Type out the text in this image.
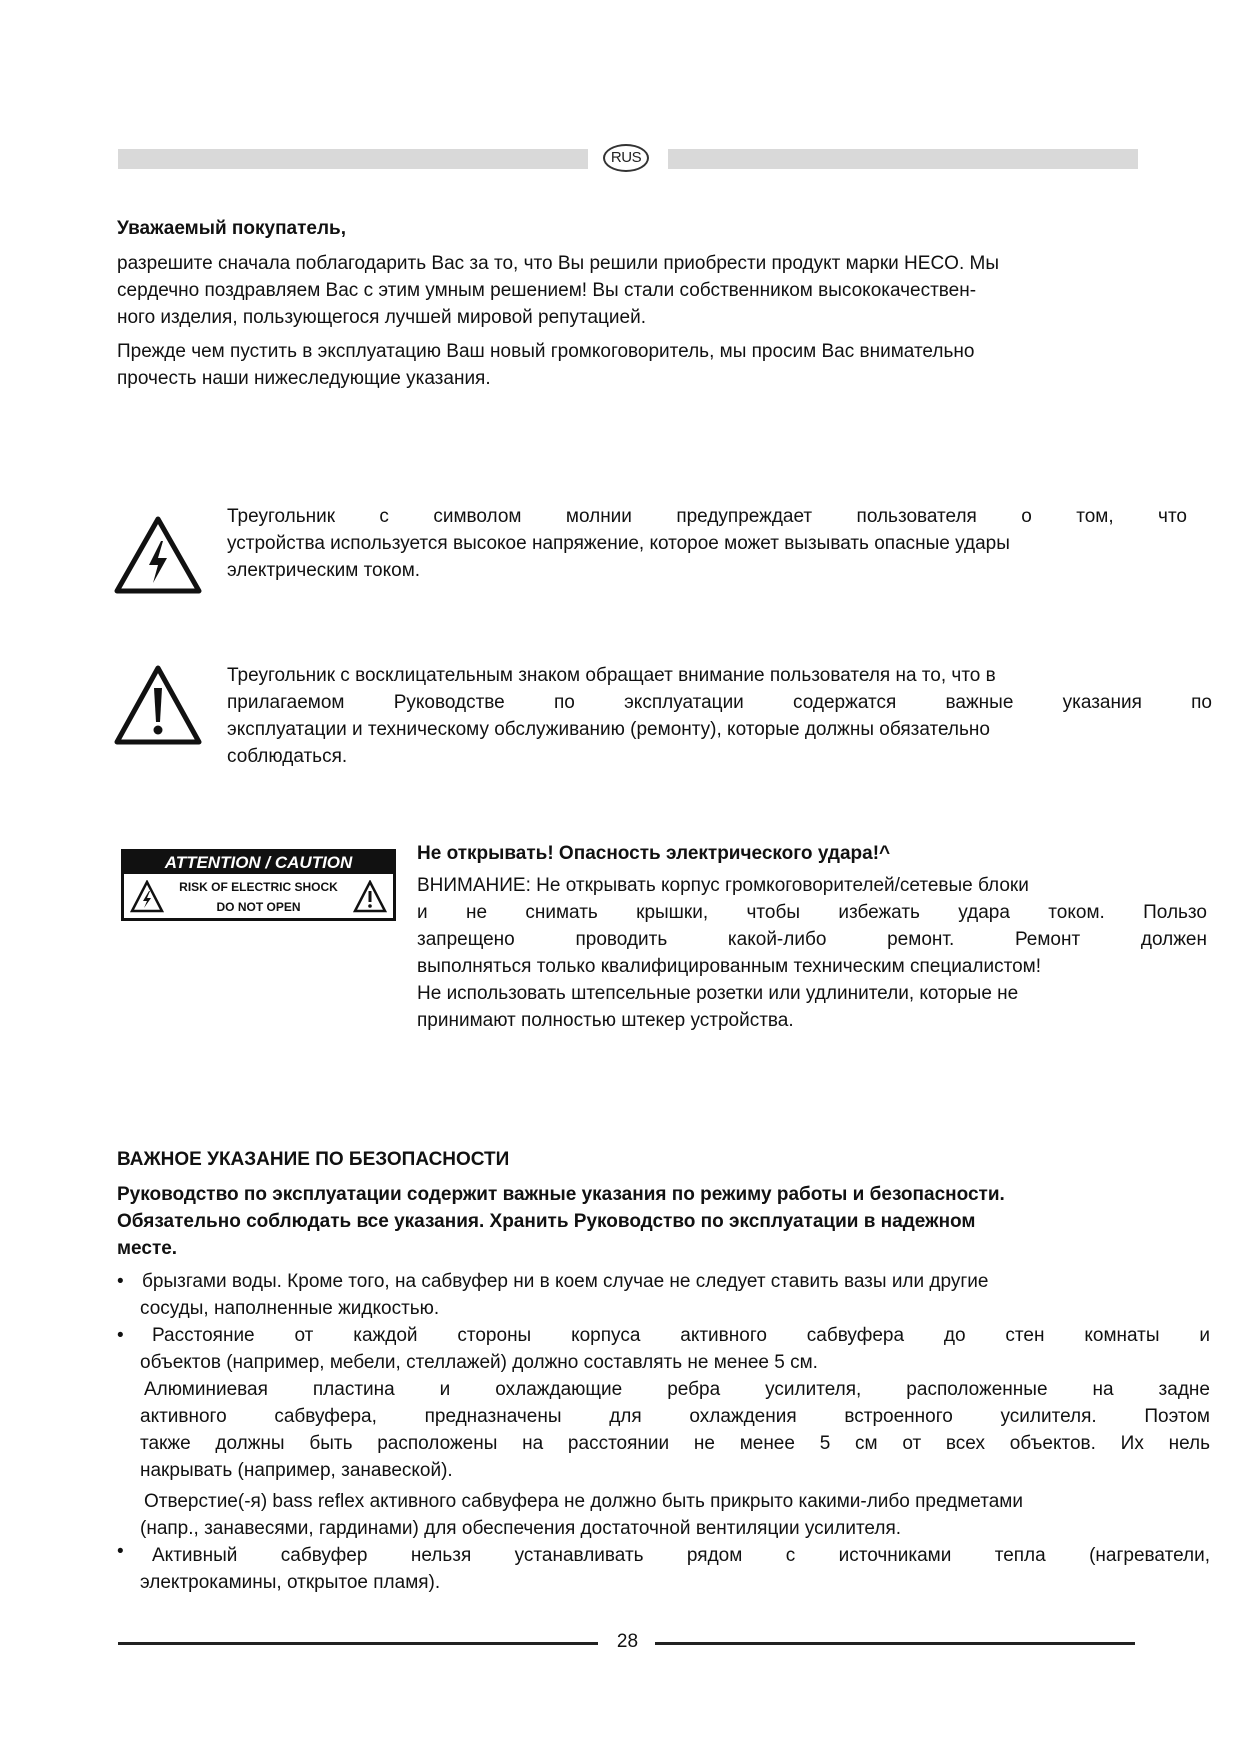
RUS
Уважаемый покупатель,

разрешите сначала поблагодарить Вас за то, что Вы решили приобрести продукт марки HECO. Мы
сердечно поздравляем Вас с этим умным решением! Вы стали собственником высококачествен-
ного изделия, пользующегося лучшей мировой репутацией.

Прежде чем пустить в эксплуатацию Ваш новый громкоговоритель, мы просим Вас внимательно
прочесть наши нижеследующие указания.

Треугольник с символом молнии предупреждает пользователя о том, что
устройства используется высокое напряжение, которое может вызывать опасные удары
электрическим током.

Треугольник с восклицательным знаком обращает внимание пользователя на то, что в
прилагаемом Руководстве по эксплуатации содержатся важные указания по
эксплуатации и техническому обслуживанию (ремонту), которые должны обязательно
соблюдаться.

ATTENTION / CAUTION
RISK OF ELECTRIC SHOCK
DO NOT OPEN

Не открывать! Опасность электрического удара!^

ВНИМАНИЕ: Не открывать корпус громкоговорителей/сетевые блоки
и не снимать крышки, чтобы избежать удара током. Пользо
запрещено проводить какой-либо ремонт. Ремонт должен
выполняться только квалифицированным техническим специалистом!
Не использовать штепсельные розетки или удлинители, которые не
принимают полностью штекер устройства.

ВАЖНОЕ УКАЗАНИЕ ПО БЕЗОПАСНОСТИ

Руководство по эксплуатации содержит важные указания по режиму работы и безопасности.
Обязательно соблюдать все указания. Хранить Руководство по эксплуатации в надежном
месте.

•
•
•

брызгами воды. Кроме того, на сабвуфер ни в коем случае не следует ставить вазы или другие
сосуды, наполненные жидкостью.
Расстояние от каждой стороны корпуса активного сабвуфера до стен комнаты и
объектов (например, мебели, стеллажей) должно составлять не менее 5 см.
Алюминиевая пластина и охлаждающие ребра усилителя, расположенные на задне
активного сабвуфера, предназначены для охлаждения встроенного усилителя. Поэтом
также должны быть расположены на расстоянии не менее 5 см от всех объектов. Их нель
накрывать (например, занавеской).
Отверстие(-я) bass reflex активного сабвуфера не должно быть прикрыто какими-либо предметами
(напр., занавесями, гардинами) для обеспечения достаточной вентиляции усилителя.
Активный сабвуфер нельзя устанавливать рядом с источниками тепла (нагреватели,
электрокамины, открытое пламя).

28
